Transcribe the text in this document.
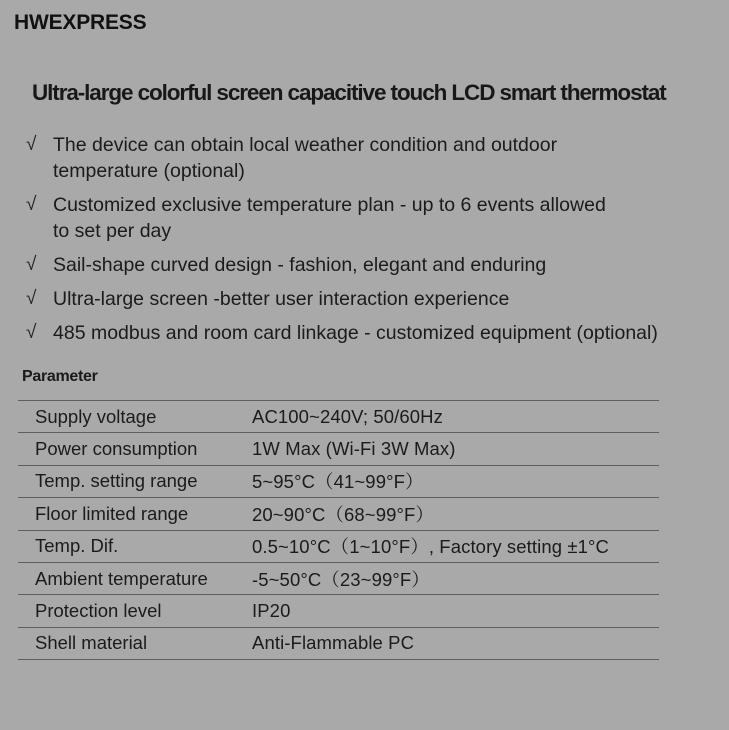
HWEXPRESS
Ultra-large colorful screen capacitive touch LCD smart thermostat
√ The device can obtain local weather condition and outdoor
temperature (optional)
√ Customized exclusive temperature plan - up to 6 events allowed
to set per day
√ Sail-shape curved design - fashion, elegant and enduring
√ Ultra-large screen -better user interaction experience
√ 485 modbus and room card linkage - customized equipment (optional)
Parameter
Supply voltage	AC100~240V; 50/60Hz
Power consumption	1W Max (Wi-Fi 3W Max)
Temp. setting range	5~95°C（41~99°F）
Floor limited range	20~90°C（68~99°F）
Temp. Dif.	0.5~10°C（1~10°F）, Factory setting ±1°C
Ambient temperature	-5~50°C（23~99°F）
Protection level	IP20
Shell material	Anti-Flammable PC
